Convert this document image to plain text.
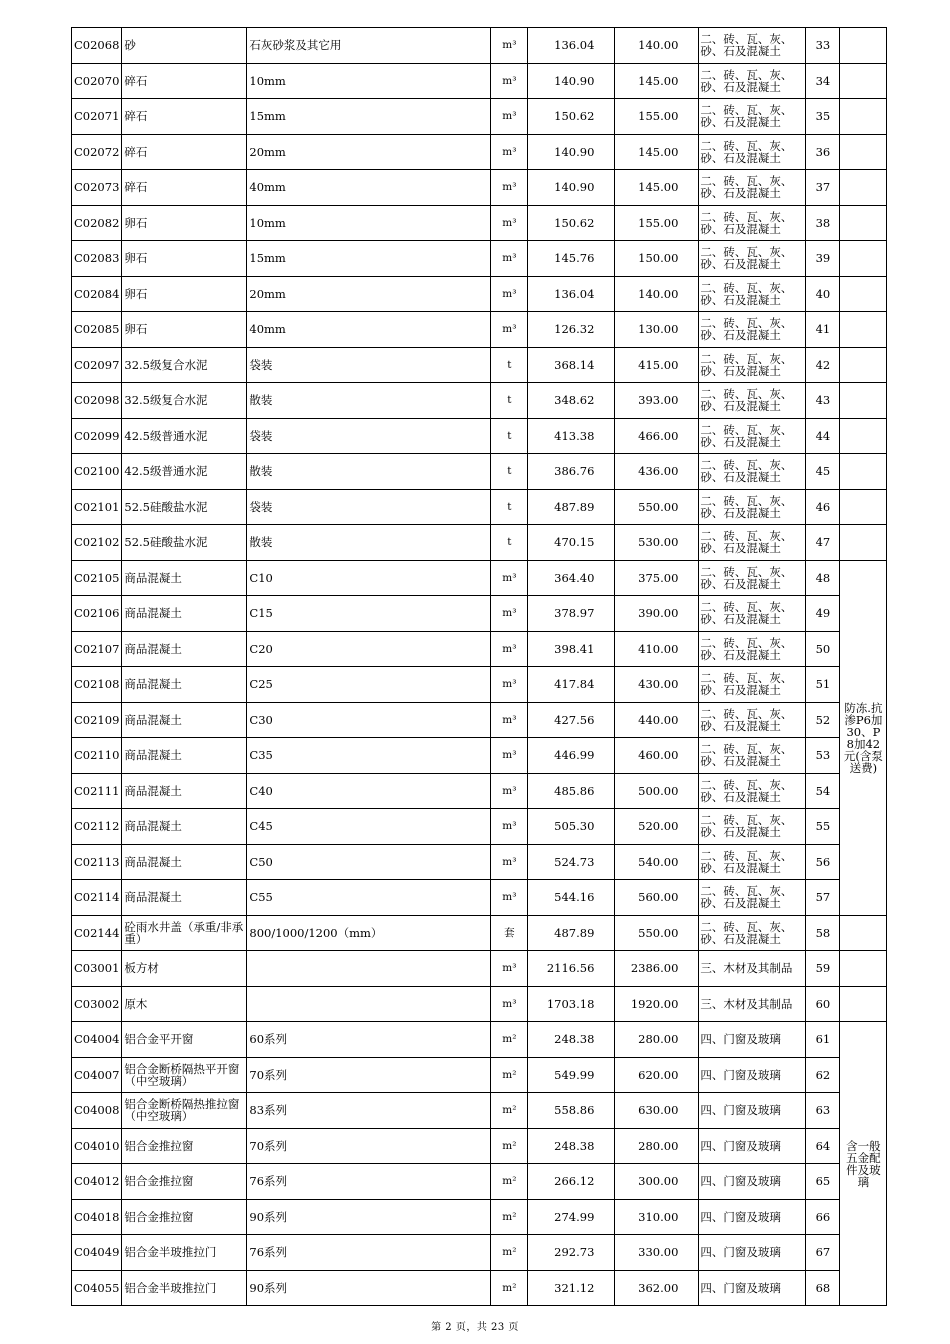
C02068	砂	石灰砂浆及其它用	m³	136.04	140.00	二、砖、瓦、灰、砂、石及混凝土	33	
C02070	碎石	10mm	m³	140.90	145.00	二、砖、瓦、灰、砂、石及混凝土	34	
C02071	碎石	15mm	m³	150.62	155.00	二、砖、瓦、灰、砂、石及混凝土	35	
C02072	碎石	20mm	m³	140.90	145.00	二、砖、瓦、灰、砂、石及混凝土	36	
C02073	碎石	40mm	m³	140.90	145.00	二、砖、瓦、灰、砂、石及混凝土	37	
C02082	卵石	10mm	m³	150.62	155.00	二、砖、瓦、灰、砂、石及混凝土	38	
C02083	卵石	15mm	m³	145.76	150.00	二、砖、瓦、灰、砂、石及混凝土	39	
C02084	卵石	20mm	m³	136.04	140.00	二、砖、瓦、灰、砂、石及混凝土	40	
C02085	卵石	40mm	m³	126.32	130.00	二、砖、瓦、灰、砂、石及混凝土	41	
C02097	32.5级复合水泥	袋装	t	368.14	415.00	二、砖、瓦、灰、砂、石及混凝土	42	
C02098	32.5级复合水泥	散装	t	348.62	393.00	二、砖、瓦、灰、砂、石及混凝土	43	
C02099	42.5级普通水泥	袋装	t	413.38	466.00	二、砖、瓦、灰、砂、石及混凝土	44	
C02100	42.5级普通水泥	散装	t	386.76	436.00	二、砖、瓦、灰、砂、石及混凝土	45	
C02101	52.5硅酸盐水泥	袋装	t	487.89	550.00	二、砖、瓦、灰、砂、石及混凝土	46	
C02102	52.5硅酸盐水泥	散装	t	470.15	530.00	二、砖、瓦、灰、砂、石及混凝土	47	
C02105	商品混凝土	C10	m³	364.40	375.00	二、砖、瓦、灰、砂、石及混凝土	48	防冻.抗渗P6加30、P8加42元(含泵送费)
C02106	商品混凝土	C15	m³	378.97	390.00	二、砖、瓦、灰、砂、石及混凝土	49	
C02107	商品混凝土	C20	m³	398.41	410.00	二、砖、瓦、灰、砂、石及混凝土	50	
C02108	商品混凝土	C25	m³	417.84	430.00	二、砖、瓦、灰、砂、石及混凝土	51	
C02109	商品混凝土	C30	m³	427.56	440.00	二、砖、瓦、灰、砂、石及混凝土	52	
C02110	商品混凝土	C35	m³	446.99	460.00	二、砖、瓦、灰、砂、石及混凝土	53	
C02111	商品混凝土	C40	m³	485.86	500.00	二、砖、瓦、灰、砂、石及混凝土	54	
C02112	商品混凝土	C45	m³	505.30	520.00	二、砖、瓦、灰、砂、石及混凝土	55	
C02113	商品混凝土	C50	m³	524.73	540.00	二、砖、瓦、灰、砂、石及混凝土	56	
C02114	商品混凝土	C55	m³	544.16	560.00	二、砖、瓦、灰、砂、石及混凝土	57	
C02144	砼雨水井盖（承重/非承重）	800/1000/1200（mm）	套	487.89	550.00	二、砖、瓦、灰、砂、石及混凝土	58	
C03001	板方材		m³	2116.56	2386.00	三、木材及其制品	59	
C03002	原木		m³	1703.18	1920.00	三、木材及其制品	60	
C04004	铝合金平开窗	60系列	m²	248.38	280.00	四、门窗及玻璃	61	含一般五金配件及玻璃
C04007	铝合金断桥隔热平开窗（中空玻璃）	70系列	m²	549.99	620.00	四、门窗及玻璃	62	
C04008	铝合金断桥隔热推拉窗（中空玻璃）	83系列	m²	558.86	630.00	四、门窗及玻璃	63	
C04010	铝合金推拉窗	70系列	m²	248.38	280.00	四、门窗及玻璃	64	
C04012	铝合金推拉窗	76系列	m²	266.12	300.00	四、门窗及玻璃	65	
C04018	铝合金推拉窗	90系列	m²	274.99	310.00	四、门窗及玻璃	66	
C04049	铝合金半玻推拉门	76系列	m²	292.73	330.00	四、门窗及玻璃	67	
C04055	铝合金半玻推拉门	90系列	m²	321.12	362.00	四、门窗及玻璃	68	
第 2 页，共 23 页
